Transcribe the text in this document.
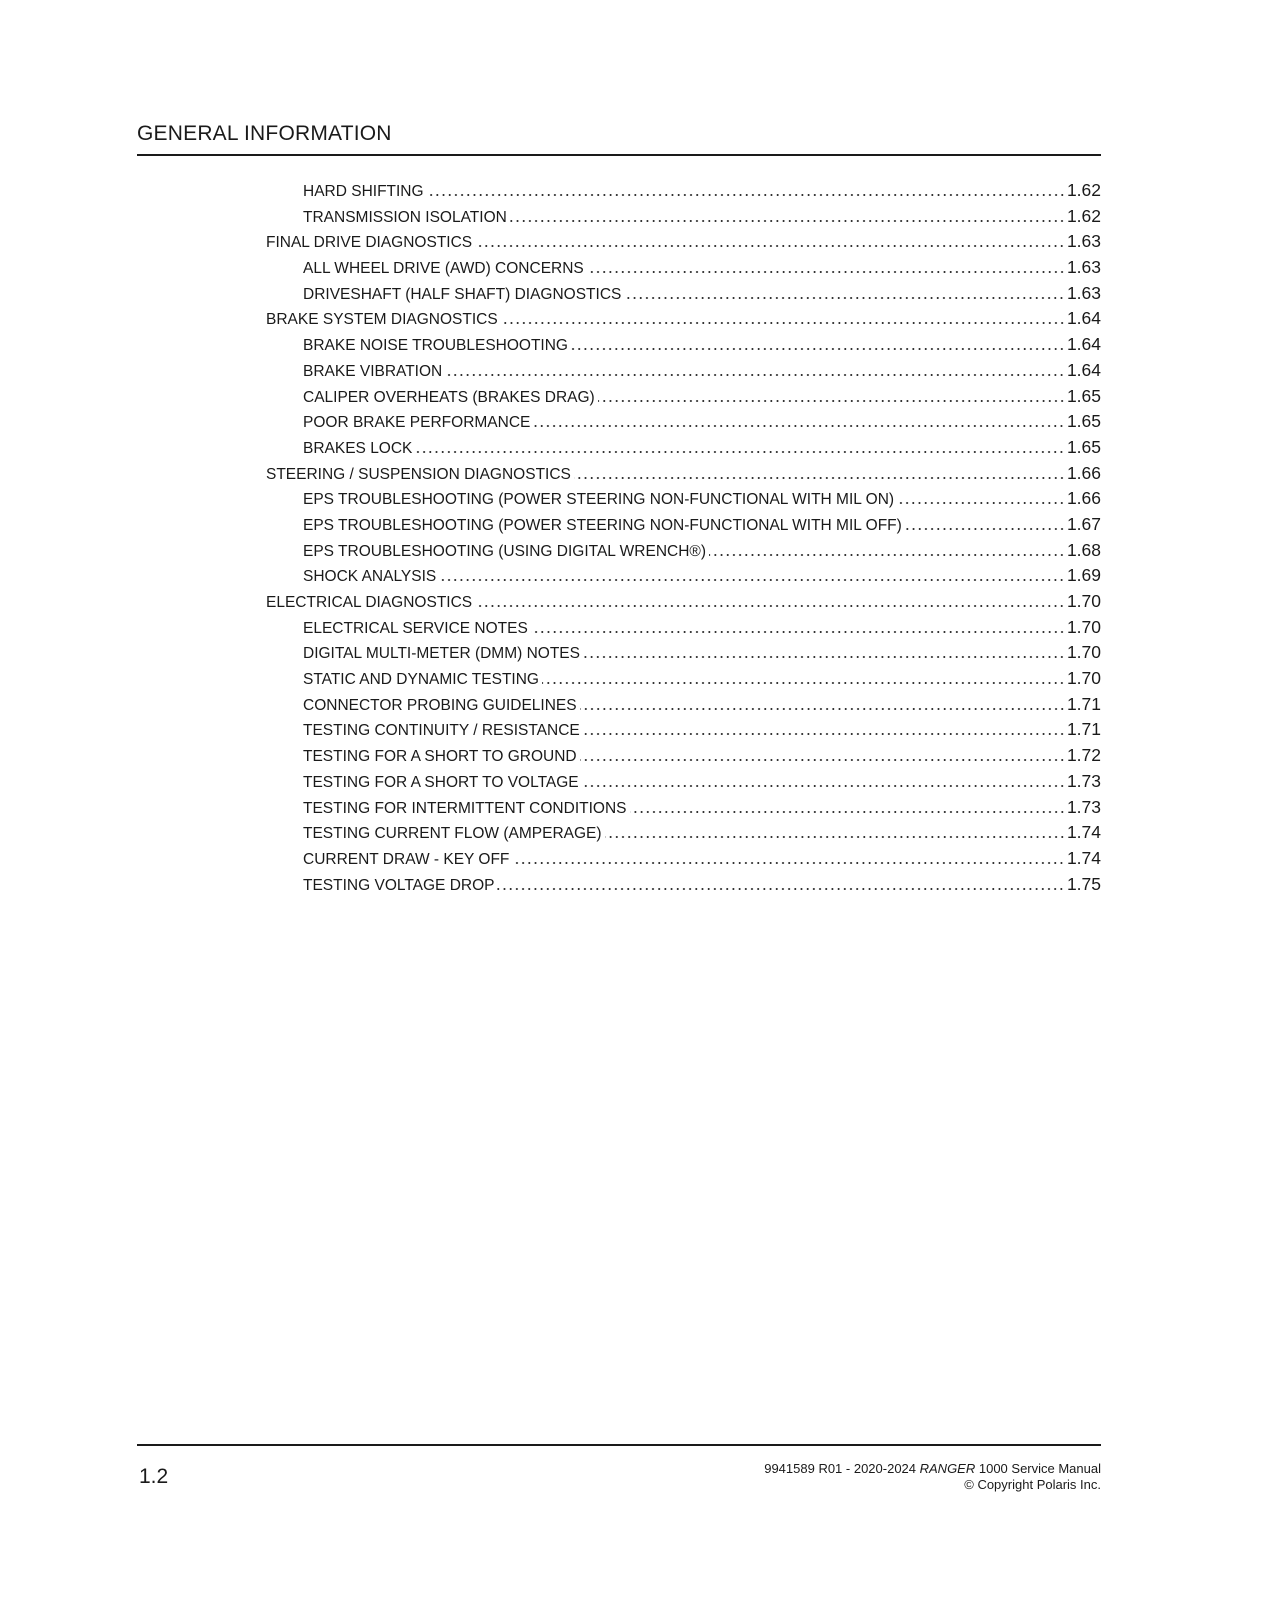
GENERAL INFORMATION
HARD SHIFTING	1.62
TRANSMISSION ISOLATION	1.62
FINAL DRIVE DIAGNOSTICS	1.63
ALL WHEEL DRIVE (AWD) CONCERNS	1.63
DRIVESHAFT (HALF SHAFT) DIAGNOSTICS	1.63
BRAKE SYSTEM DIAGNOSTICS	1.64
BRAKE NOISE TROUBLESHOOTING	1.64
BRAKE VIBRATION	1.64
CALIPER OVERHEATS (BRAKES DRAG)	1.65
POOR BRAKE PERFORMANCE	1.65
BRAKES LOCK	1.65
STEERING / SUSPENSION DIAGNOSTICS	1.66
EPS TROUBLESHOOTING (POWER STEERING NON-FUNCTIONAL WITH MIL ON)	1.66
EPS TROUBLESHOOTING (POWER STEERING NON-FUNCTIONAL WITH MIL OFF)	1.67
EPS TROUBLESHOOTING (USING DIGITAL WRENCH®)	1.68
SHOCK ANALYSIS	1.69
ELECTRICAL DIAGNOSTICS	1.70
ELECTRICAL SERVICE NOTES	1.70
DIGITAL MULTI-METER (DMM) NOTES	1.70
STATIC AND DYNAMIC TESTING	1.70
CONNECTOR PROBING GUIDELINES	1.71
TESTING CONTINUITY / RESISTANCE	1.71
TESTING FOR A SHORT TO GROUND	1.72
TESTING FOR A SHORT TO VOLTAGE	1.73
TESTING FOR INTERMITTENT CONDITIONS	1.73
TESTING CURRENT FLOW (AMPERAGE)	1.74
CURRENT DRAW - KEY OFF	1.74
TESTING VOLTAGE DROP	1.75
1.2	9941589 R01 - 2020-2024 RANGER 1000 Service Manual
© Copyright Polaris Inc.
